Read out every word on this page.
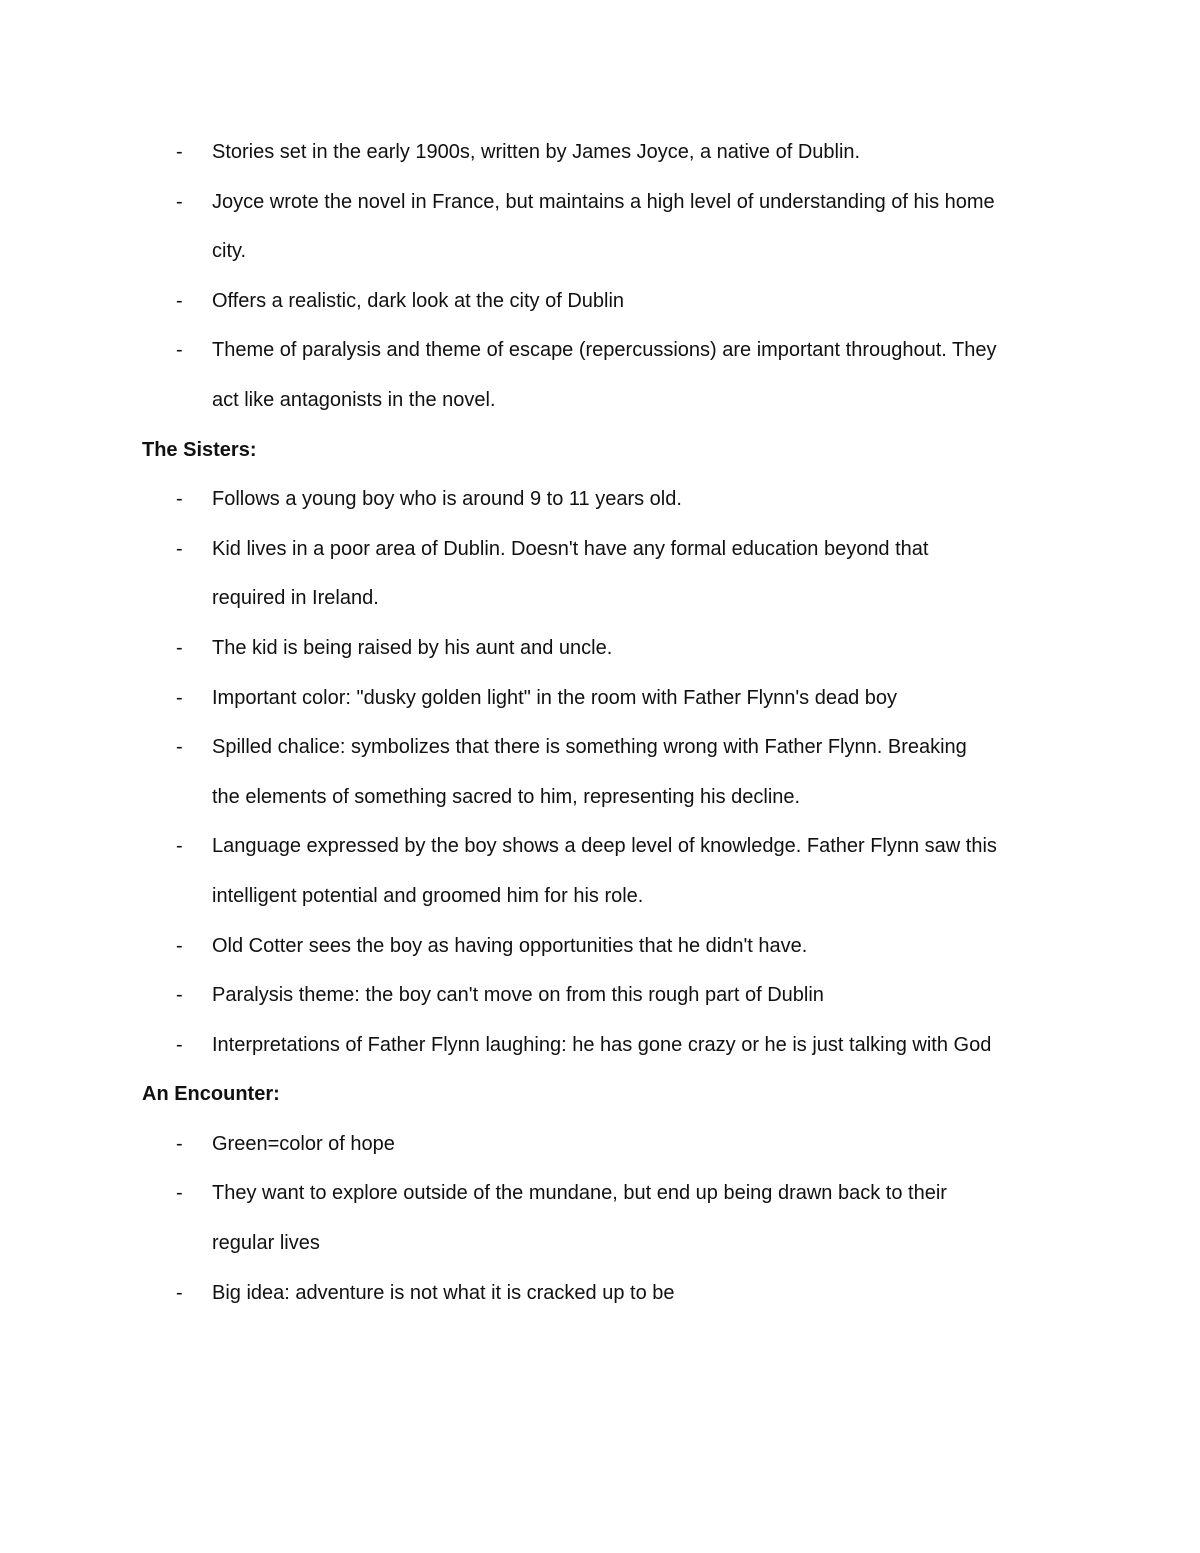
- Stories set in the early 1900s, written by James Joyce, a native of Dublin.
- Joyce wrote the novel in France, but maintains a high level of understanding of his home
city.
- Offers a realistic, dark look at the city of Dublin
- Theme of paralysis and theme of escape (repercussions) are important throughout. They
act like antagonists in the novel.
The Sisters:
- Follows a young boy who is around 9 to 11 years old.
- Kid lives in a poor area of Dublin. Doesn't have any formal education beyond that
required in Ireland.
- The kid is being raised by his aunt and uncle.
- Important color: "dusky golden light" in the room with Father Flynn's dead boy
- Spilled chalice: symbolizes that there is something wrong with Father Flynn. Breaking
the elements of something sacred to him, representing his decline.
- Language expressed by the boy shows a deep level of knowledge. Father Flynn saw this
intelligent potential and groomed him for his role.
- Old Cotter sees the boy as having opportunities that he didn't have.
- Paralysis theme: the boy can't move on from this rough part of Dublin
- Interpretations of Father Flynn laughing: he has gone crazy or he is just talking with God
An Encounter:
- Green=color of hope
- They want to explore outside of the mundane, but end up being drawn back to their
regular lives
- Big idea: adventure is not what it is cracked up to be
